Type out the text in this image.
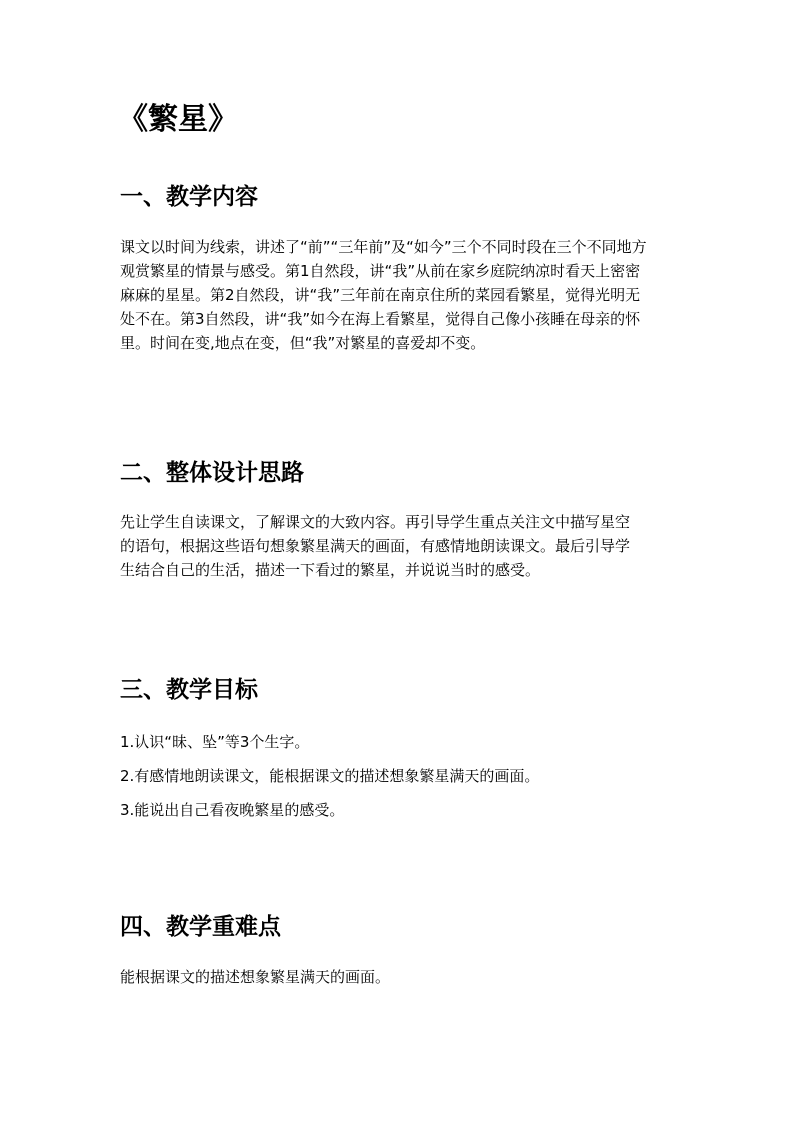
《繁星》
一、教学内容
课文以时间为线索，讲述了“前”“三年前”及“如今”三个不同时段在三个不同地方
观赏繁星的情景与感受。第1自然段，讲“我”从前在家乡庭院纳凉时看天上密密
麻麻的星星。第2自然段，讲“我”三年前在南京住所的菜园看繁星，觉得光明无
处不在。第3自然段，讲“我”如今在海上看繁星，觉得自己像小孩睡在母亲的怀
里。时间在变,地点在变，但“我”对繁星的喜爱却不变。
二、整体设计思路
先让学生自读课文，了解课文的大致内容。再引导学生重点关注文中描写星空
的语句，根据这些语句想象繁星满天的画面，有感情地朗读课文。最后引导学
生结合自己的生活，描述一下看过的繁星，并说说当时的感受。
三、教学目标
1.认识“昧、坠”等3个生字。
2.有感情地朗读课文，能根据课文的描述想象繁星满天的画面。
3.能说出自己看夜晚繁星的感受。
四、教学重难点
能根据课文的描述想象繁星满天的画面。
